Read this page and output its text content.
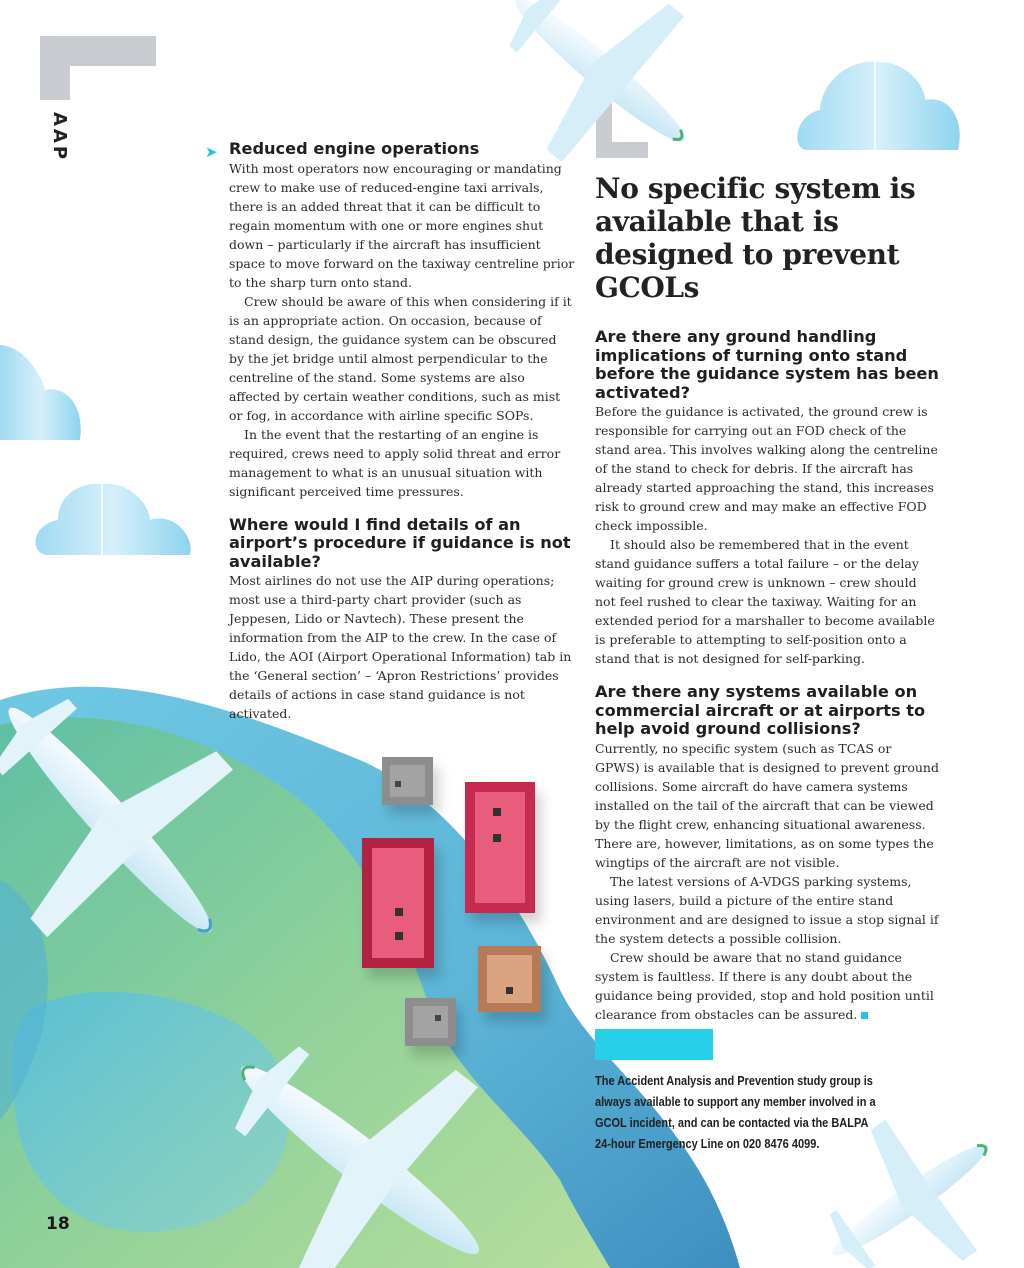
AAP	➤ Reduced engine operations

With most operators now encouraging or mandating crew to make use of reduced-engine taxi arrivals, there is an added threat that it can be difficult to regain momentum with one or more engines shut down – particularly if the aircraft has insufficient space to move forward on the taxiway centreline prior to the sharp turn onto stand.

Crew should be aware of this when considering if it is an appropriate action. On occasion, because of stand design, the guidance system can be obscured by the jet bridge until almost perpendicular to the centreline of the stand. Some systems are also affected by certain weather conditions, such as mist or fog, in accordance with airline specific SOPs.

In the event that the restarting of an engine is required, crews need to apply solid threat and error management to what is an unusual situation with significant perceived time pressures.

Where would I find details of an airport’s procedure if guidance is not available?

Most airlines do not use the AIP during operations; most use a third-party chart provider (such as Jeppesen, Lido or Navtech). These present the information from the AIP to the crew. In the case of Lido, the AOI (Airport Operational Information) tab in the ‘General section’ – ‘Apron Restrictions’ provides details of actions in case stand guidance is not activated.

No specific system is available that is designed to prevent GCOLs

Are there any ground handling implications of turning onto stand before the guidance system has been activated?

Before the guidance is activated, the ground crew is responsible for carrying out an FOD check of the stand area. This involves walking along the centreline of the stand to check for debris. If the aircraft has already started approaching the stand, this increases risk to ground crew and may make an effective FOD check impossible.

It should also be remembered that in the event stand guidance suffers a total failure – or the delay waiting for ground crew is unknown – crew should not feel rushed to clear the taxiway. Waiting for an extended period for a marshaller to become available is preferable to attempting to self-position onto a stand that is not designed for self-parking.

Are there any systems available on commercial aircraft or at airports to help avoid ground collisions?

Currently, no specific system (such as TCAS or GPWS) is available that is designed to prevent ground collisions. Some aircraft do have camera systems installed on the tail of the aircraft that can be viewed by the flight crew, enhancing situational awareness. There are, however, limitations, as on some types the wingtips of the aircraft are not visible.

The latest versions of A-VDGS parking systems, using lasers, build a picture of the entire stand environment and are designed to issue a stop signal if the system detects a possible collision.

Crew should be aware that no stand guidance system is faultless. If there is any doubt about the guidance being provided, stop and hold position until clearance from obstacles can be assured.

The Accident Analysis and Prevention study group is always available to support any member involved in a GCOL incident, and can be contacted via the BALPA 24-hour Emergency Line on 020 8476 4099.
18
